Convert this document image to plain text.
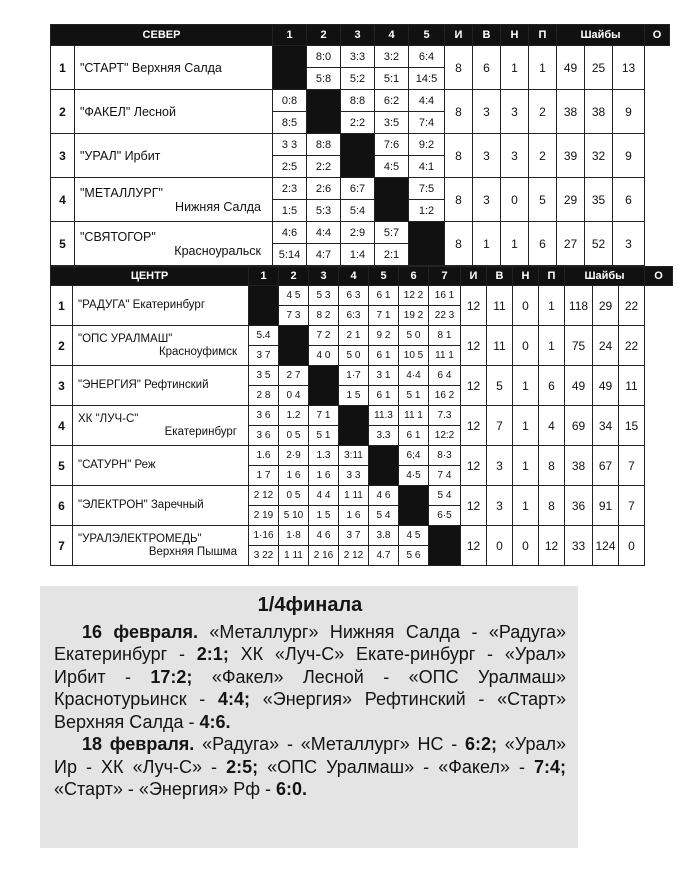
СЕВЕР		1	2	3	4	5	И	В	Н	П	Шайбы			О
1	"СТАРТ" Верхняя Салда		8:0	3:3	3:2	6:4	8	6	1	1	49	25	13	
			5:8	5:2	5:1	14:5								
2	"ФАКЕЛ" Лесной	0:8		8:8	6:2	4:4	8	3	3	2	38	38	9	
		8:5		2:2	3:5	7:4								
3	"УРАЛ" Ирбит	3 3	8:8		7:6	9:2	8	3	3	2	39	32	9	
		2:5	2:2		4:5	4:1								
4	"МЕТАЛЛУРГ"
Нижняя Салда	2:3	2:6	6:7		7:5	8	3	0	5	29	35	6	
		1:5	5:3	5:4		1:2								
5	"СВЯТОГОР"
Красноуральск	4:6	4:4	2:9	5:7		8	1	1	6	27	52	3	
		5:14	4:7	1:4	2:1									
ЦЕНТР		1	2	3	4	5	6	7	И	В	Н	П	Шайбы			О
1	"РАДУГА" Екатеринбург		4 5	5 3	6 3	6 1	12 2	16 1	12	11	0	1	118	29	22	
			7 3	8 2	6:3	7 1	19 2	22 3								
2	"ОПС УРАЛМАШ"
Красноуфимск	5.4		7 2	2 1	9 2	5 0	8 1	12	11	0	1	75	24	22	
		3 7		4 0	5 0	6 1	10 5	11 1								
3	"ЭНЕРГИЯ" Рефтинский	3 5	2 7		1·7	3 1	4·4	6 4	12	5	1	6	49	49	11	
		2 8	0 4		1 5	6 1	5 1	16 2								
4	ХК "ЛУЧ-С"
Екатеринбург	3 6	1.2	7 1		11.3	11 1	7.3	12	7	1	4	69	34	15	
		3 6	0 5	5 1		3.3	6 1	12:2								
5	"САТУРН" Реж	1.6	2·9	1.3	3:11		6;4	8·3	12	3	1	8	38	67	7	
		1 7	1 6	1 6	3 3		4·5	7 4								
6	"ЭЛЕКТРОН" Заречный	2 12	0 5	4 4	1 11	4 6		5 4	12	3	1	8	36	91	7	
		2 19	5 10	1 5	1 6	5 4		6·5								
7	"УРАЛЭЛЕКТРОМЕДЬ"
Верхняя Пышма	1·16	1·8	4 6	3 7	3.8	4 5		12	0	0	12	33	124	0	
		3 22	1 11	2 16	2 12	4.7	5 6									
1/4финала

16 февраля. «Металлург» Нижняя Салда - «Радуга» Екатеринбург - 2:1; ХК «Луч-С» Екате-ринбург - «Урал» Ирбит - 17:2; «Факел» Лесной - «ОПС Уралмаш» Краснотурьинск - 4:4; «Энергия» Рефтинский - «Старт» Верхняя Салда - 4:6.

18 февраля. «Радуга» - «Металлург» НС - 6:2; «Урал» Ир - ХК «Луч-С» - 2:5; «ОПС Уралмаш» - «Факел» - 7:4; «Старт» - «Энергия» Рф - 6:0.
